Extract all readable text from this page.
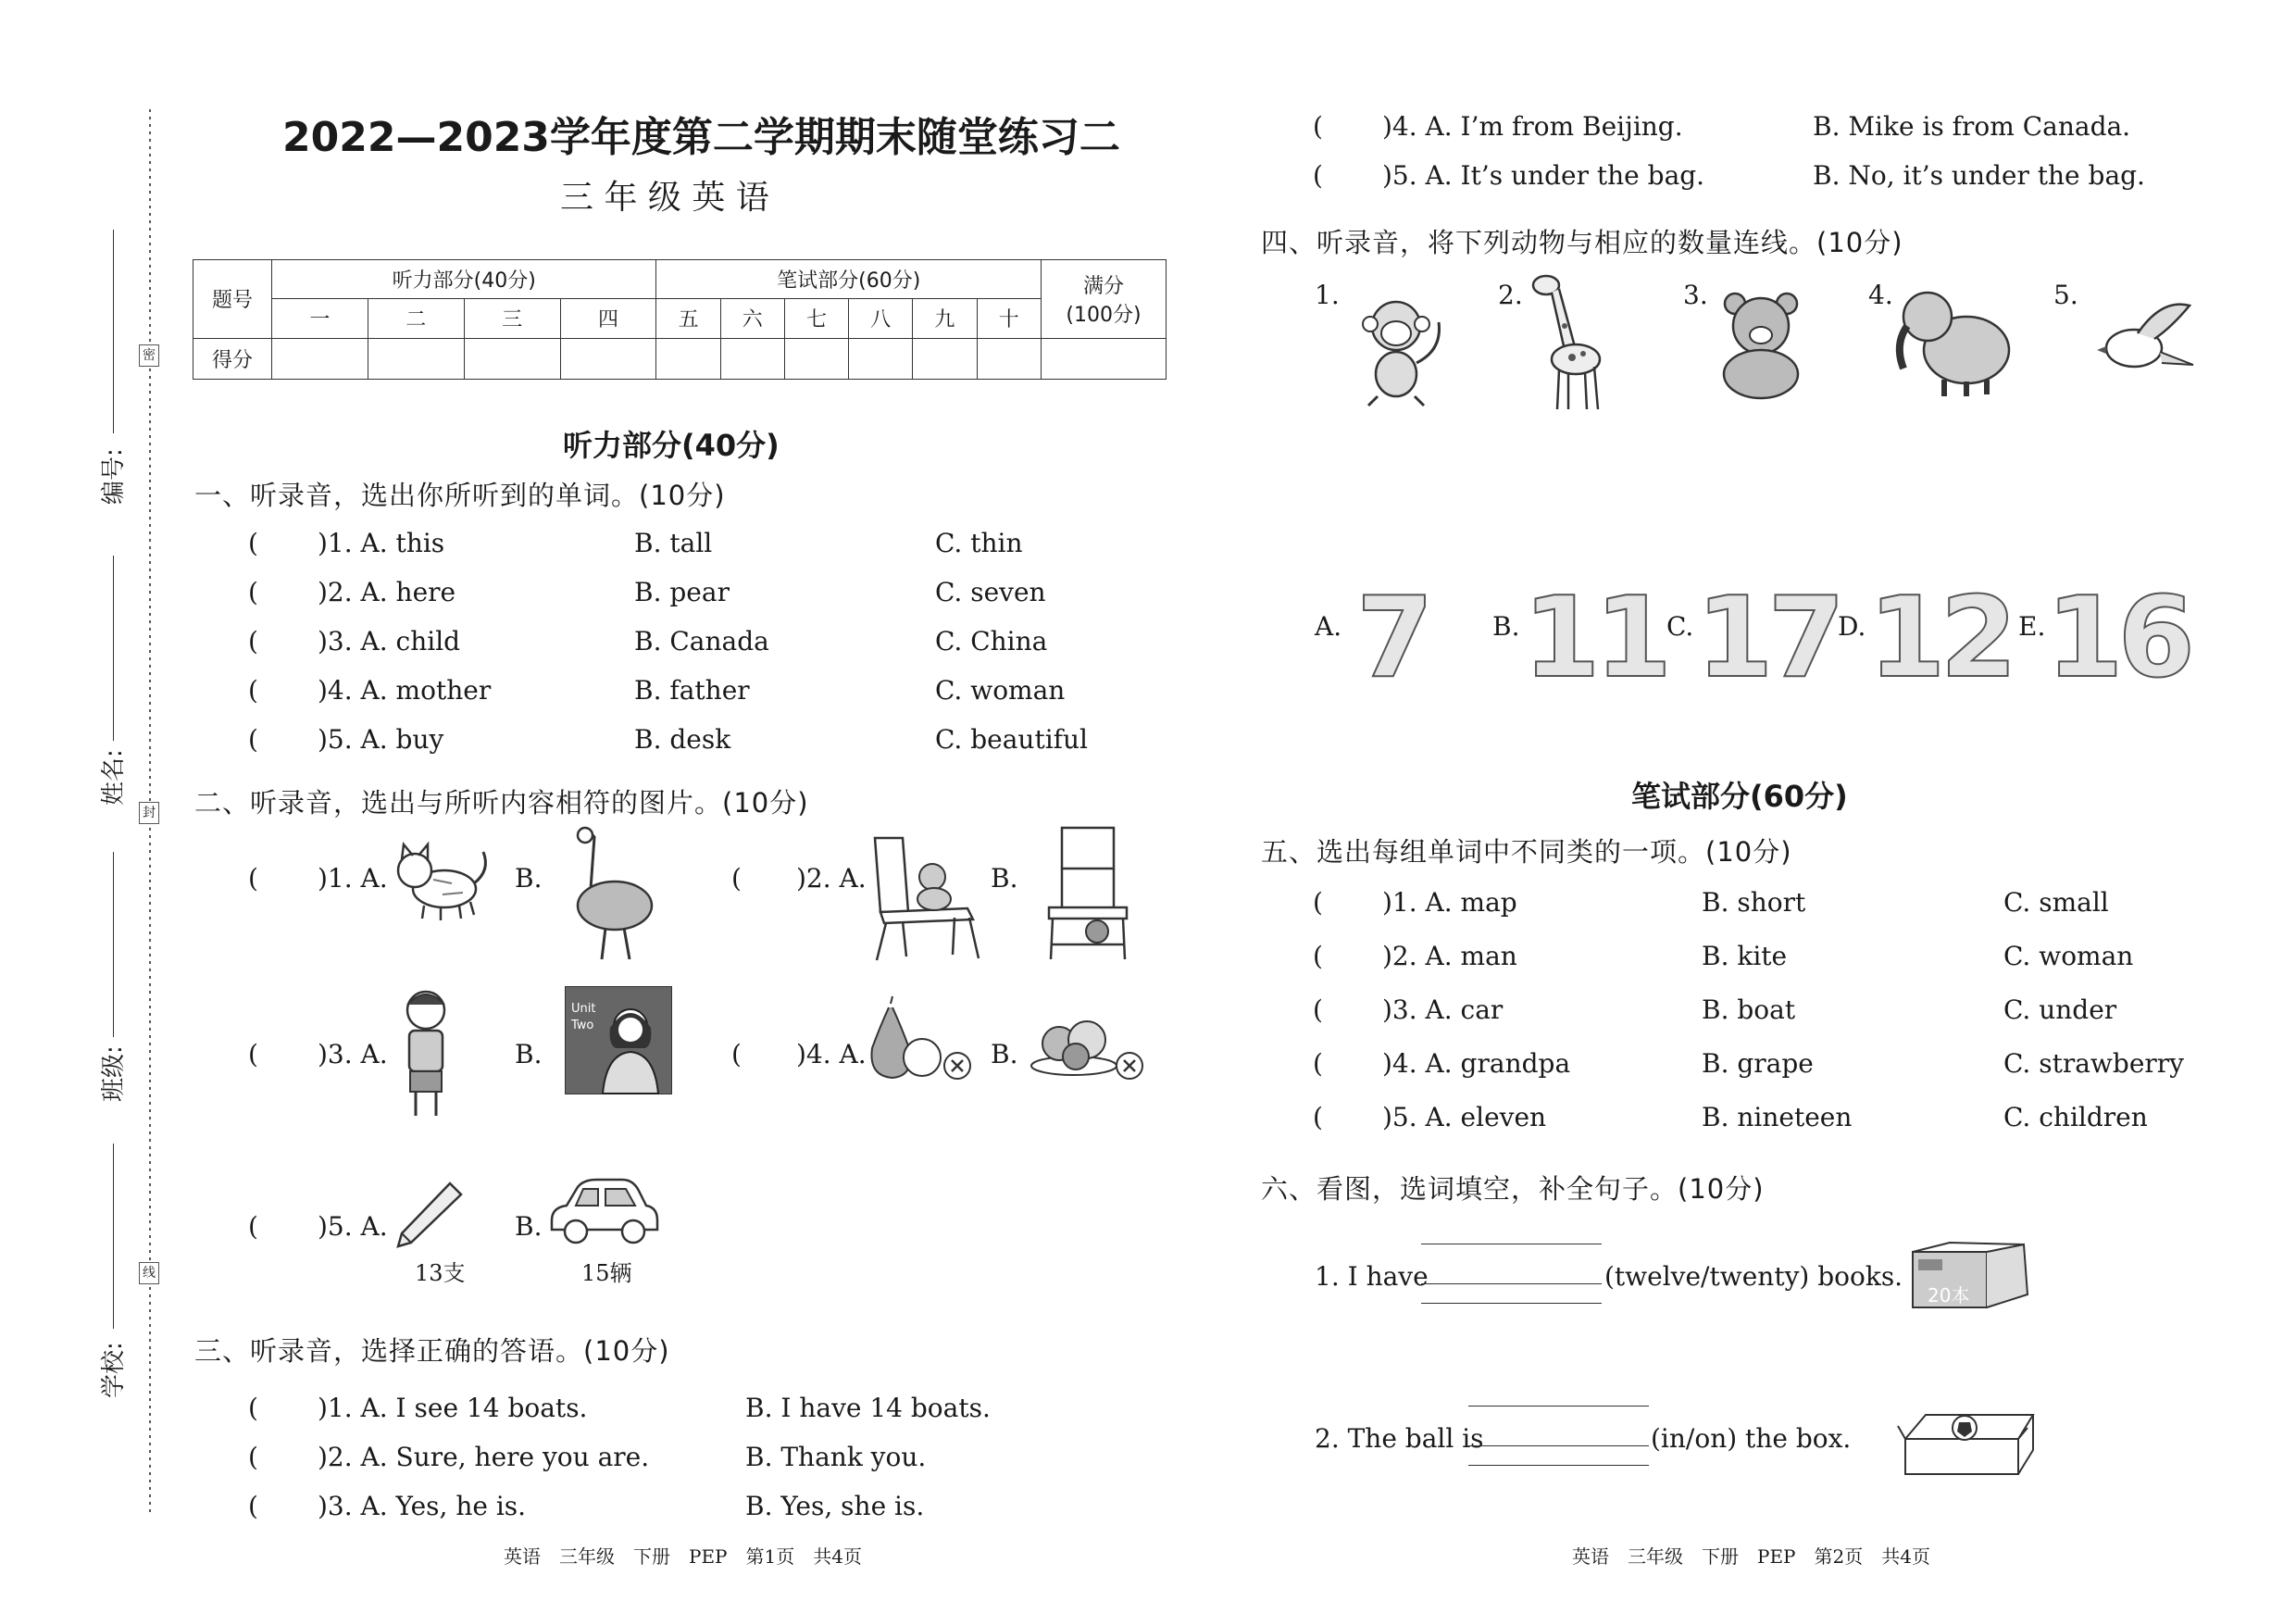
密
封
线
编号:
姓名:
班级:
学校:
2022—2023学年度第二学期期末随堂练习二
三 年 级 英 语
题号	听力部分(40分)				笔试部分(60分)						满分
(100分)

	一	二	三	四	五	六	七	八	九	十	
得分											
听力部分(40分)
一、听录音，选出你所听到的单词。(10分)
( )1. A. this	B. tall	C. thin
( )2. A. here	B. pear	C. seven
( )3. A. child	B. Canada	C. China
( )4. A. mother	B. father	C. woman
( )5. A. buy	B. desk	C. beautiful
二、听录音，选出与所听内容相符的图片。(10分)
( )1. A.	B.	( )2. A.	B.
( )3. A.	B.
Unit
Two
( )4. A.	B.
( )5. A.
13支
B.
15辆
三、听录音，选择正确的答语。(10分)
( )1. A. I see 14 boats.	B. I have 14 boats.
( )2. A. Sure, here you are.	B. Thank you.
( )3. A. Yes, he is.	B. Yes, she is.
英语　三年级　下册　PEP　第1页　共4页
( )4. A. I’m from Beijing.	B. Mike is from Canada.
( )5. A. It’s under the bag.	B. No, it’s under the bag.
四、听录音，将下列动物与相应的数量连线。(10分)
1.	2.	3.	4.	5.
A. 7 B. 11 C. 17
D. 12 E. 16
笔试部分(60分)
五、选出每组单词中不同类的一项。(10分)
( )1. A. map	B. short	C. small
( )2. A. man	B. kite	C. woman
( )3. A. car	B. boat	C. under
( )4. A. grandpa	B. grape	C. strawberry
( )5. A. eleven	B. nineteen	C. children
六、看图，选词填空，补全句子。(10分)
1. I have	(twelve/twenty) books.
20本
2. The ball is	(in/on) the box.
英语　三年级　下册　PEP　第2页　共4页
